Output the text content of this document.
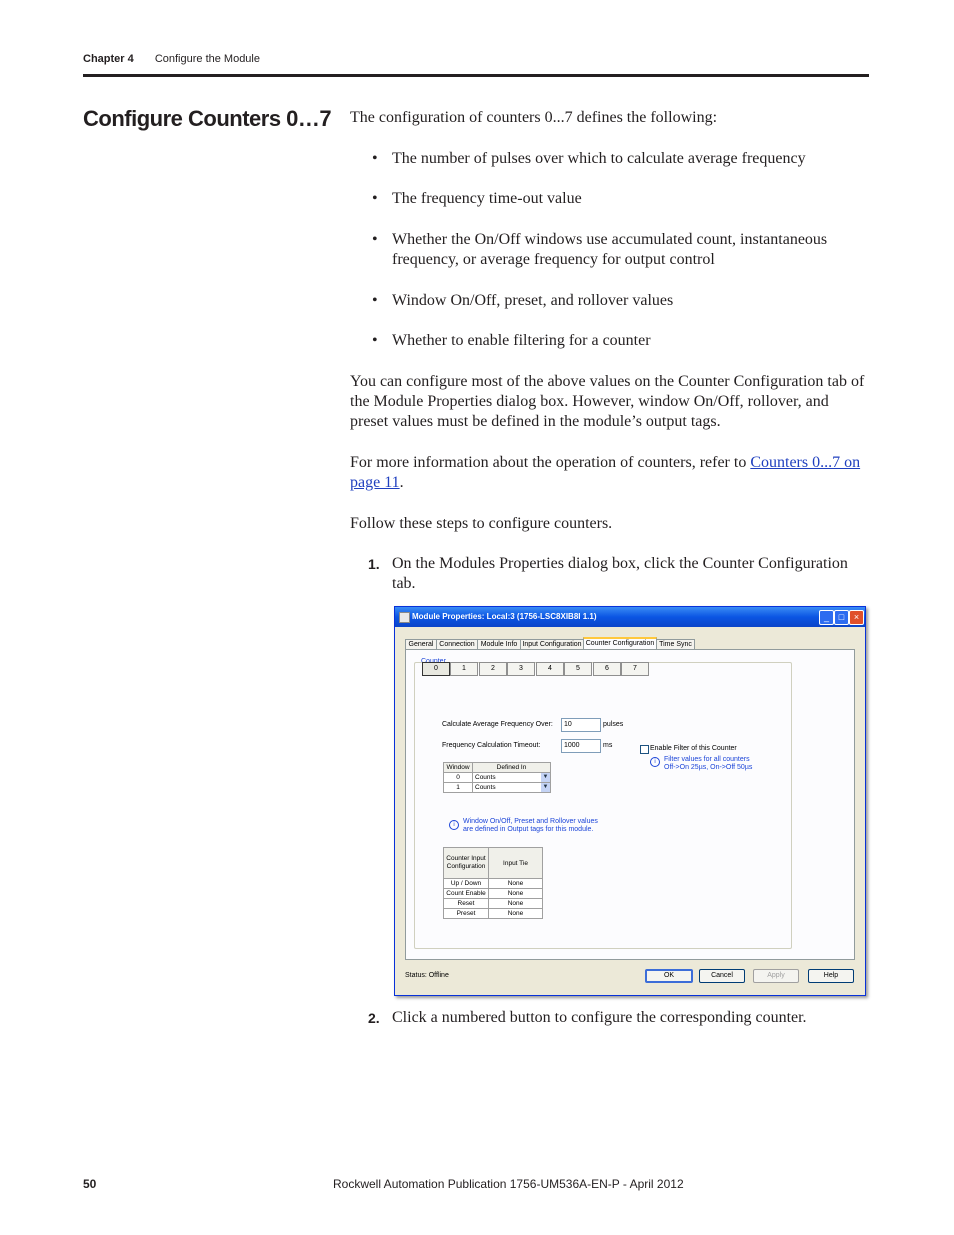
Chapter 4 Configure the Module
Configure Counters 0…7 The configuration of counters 0...7 defines the following:
• The number of pulses over which to calculate average frequency
• The frequency time-out value
• Whether the On/Off windows use accumulated count, instantaneous frequency, or average frequency for output control
• Window On/Off, preset, and rollover values
• Whether to enable filtering for a counter
You can configure most of the above values on the Counter Configuration tab of the Module Properties dialog box. However, window On/Off, rollover, and preset values must be defined in the module’s output tags.
For more information about the operation of counters, refer to Counters 0...7 on page 11.
Follow these steps to configure counters.
1. On the Modules Properties dialog box, click the Counter Configuration tab.
Module Properties: Local:3 (1756-LSC8XIB8I 1.1)	_	□	×
General Connection Module Info Input Configuration Counter Configuration Time Sync
0	1	2	3	4	5	6	7
Calculate Average Frequency Over:	10	pulses
Frequency Calculation Timeout:	1000	ms	Enable Filter of this Counter
i	Filter values for all counters
Off->On 25µs, On->Off 50µs
Window	Defined In
0	Counts ▼

1	Counts ▼
i	Window On/Off, Preset and Rollover values
are defined in Output tags for this module.
Counter Input Configuration	Input Tie
Up / Down	None
Count Enable	None
Reset	None
Preset	None
Status: Offline	OK	Cancel	Apply	Help
2. Click a numbered button to configure the corresponding counter.
50	Rockwell Automation Publication 1756-UM536A-EN-P - April 2012
